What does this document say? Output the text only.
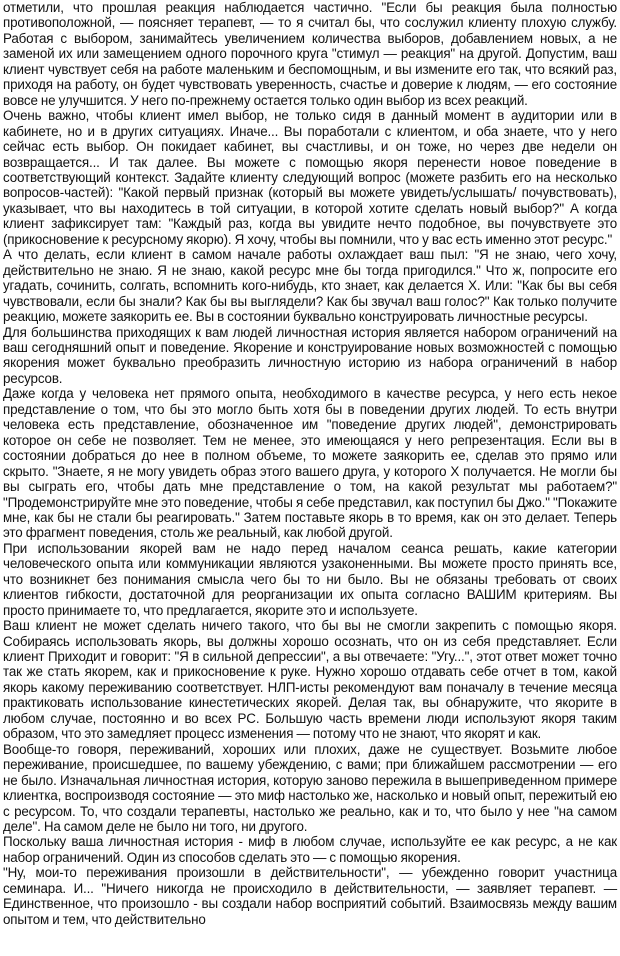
отметили, что прошлая реакция наблюдается частично. "Если бы реакция была полностью противоположной, — поясняет терапевт, — то я считал бы, что сослужил клиенту плохую службу. Работая с выбором, занимайтесь увеличением количества выборов, добавлением новых, а не заменой их или замещением одного порочного круга "стимул — реакция" на другой. Допустим, ваш клиент чувствует себя на работе маленьким и беспомощным, и вы измените его так, что всякий раз, приходя на работу, он будет чувствовать уверенность, счастье и доверие к людям, — его состояние вовсе не улучшится. У него по-прежнему остается только один выбор из всех реакций.

Очень важно, чтобы клиент имел выбор, не только сидя в данный момент в аудитории или в кабинете, но и в других ситуациях. Иначе... Вы поработали с клиентом, и оба знаете, что у него сейчас есть выбор. Он покидает кабинет, вы счастливы, и он тоже, но через две недели он возвращается... И так далее. Вы можете с помощью якоря перенести новое поведение в соответствующий контекст. Задайте клиенту следующий вопрос (можете разбить его на несколько вопросов-частей): "Какой первый признак (который вы можете увидеть/услышать/ почувствовать), указывает, что вы находитесь в той ситуации, в которой хотите сделать новый выбор?" А когда клиент зафиксирует там: "Каждый раз, когда вы увидите нечто подобное, вы почувствуете это (прикосновение к ресурсному якорю). Я хочу, чтобы вы помнили, что у вас есть именно этот ресурс."

А что делать, если клиент в самом начале работы охлаждает ваш пыл: "Я не знаю, чего хочу, действительно не знаю. Я не знаю, какой ресурс мне бы тогда пригодился." Что ж, попросите его угадать, сочинить, солгать, вспомнить кого-нибудь, кто знает, как делается Х. Или: "Как бы вы себя чувствовали, если бы знали? Как бы вы выглядели? Как бы звучал ваш голос?" Как только получите реакцию, можете заякорить ее. Вы в состоянии буквально конструировать личностные ресурсы.

Для большинства приходящих к вам людей личностная история является набором ограничений на ваш сегодняшний опыт и поведение. Якорение и конструирование новых возможностей с помощью якорения может буквально преобразить личностную историю из набора ограничений в набор ресурсов.

Даже когда у человека нет прямого опыта, необходимого в качестве ресурса, у него есть некое представление о том, что бы это могло быть хотя бы в поведении других людей. То есть внутри человека есть представление, обозначенное им "поведение других людей", демонстрировать которое он себе не позволяет. Тем не менее, это имеющаяся у него репрезентация. Если вы в состоянии добраться до нее в полном объеме, то можете заякорить ее, сделав это прямо или скрыто. "Знаете, я не могу увидеть образ этого вашего друга, у которого Х получается. Не могли бы вы сыграть его, чтобы дать мне представление о том, на какой результат мы работаем?" "Продемонстрируйте мне это поведение, чтобы я себе представил, как поступил бы Джо." "Покажите мне, как бы не стали бы реагировать." Затем поставьте якорь в то время, как он это делает. Теперь это фрагмент поведения, столь же реальный, как любой другой.

При использовании якорей вам не надо перед началом сеанса решать, какие категории человеческого опыта или коммуникации являются узаконенными. Вы можете просто принять все, что возникнет без понимания смысла чего бы то ни было. Вы не обязаны требовать от своих клиентов гибкости, достаточной для реорганизации их опыта согласно ВАШИМ критериям. Вы просто принимаете то, что предлагается, якорите это и используете.

Ваш клиент не может сделать ничего такого, что бы вы не смогли закрепить с помощью якоря. Собираясь использовать якорь, вы должны хорошо осознать, что он из себя представляет. Если клиент Приходит и говорит: "Я в сильной депрессии", а вы отвечаете: "Угу...", этот ответ может точно так же стать якорем, как и прикосновение к руке. Нужно хорошо отдавать себе отчет в том, какой якорь какому переживанию соответствует. НЛП-исты рекомендуют вам поначалу в течение месяца практиковать использование кинестетических якорей. Делая так, вы обнаружите, что якорите в любом случае, постоянно и во всех PC. Большую часть времени люди используют якоря таким образом, что это замедляет процесс изменения — потому что не знают, что якорят и как.

Вообще-то говоря, переживаний, хороших или плохих, даже не существует. Возьмите любое переживание, происшедшее, по вашему убеждению, с вами; при ближайшем рассмотрении — его не было. Изначальная личностная история, которую заново пережила в вышеприведенном примере клиентка, воспроизводя состояние — это миф настолько же, насколько и новый опыт, пережитый ею с ресурсом. То, что создали терапевты, настолько же реально, как и то, что было у нее "на самом деле". На самом деле не было ни того, ни другого.

Поскольку ваша личностная история - миф в любом случае, используйте ее как ресурс, а не как набор ограничений. Один из способов сделать это — с помощью якорения.

"Ну, мои-то переживания произошли в действительности", — убежденно говорит участница семинара. И... "Ничего никогда не происходило в действительности, — заявляет терапевт. — Единственное, что произошло - вы создали набор восприятий событий. Взаимосвязь между вашим опытом и тем, что действительно
